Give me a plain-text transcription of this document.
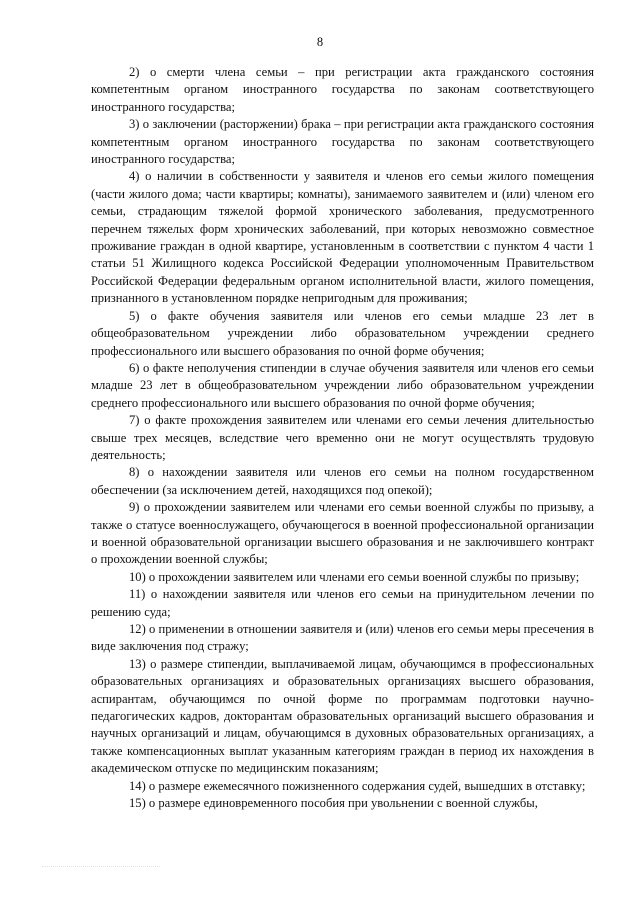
8

2) о смерти члена семьи – при регистрации акта гражданского состояния компетентным органом иностранного государства по законам соответствующего иностранного государства;

3) о заключении (расторжении) брака – при регистрации акта гражданского состояния компетентным органом иностранного государства по законам соответствующего иностранного государства;

4) о наличии в собственности у заявителя и членов его семьи жилого помещения (части жилого дома; части квартиры; комнаты), занимаемого заявителем и (или) членом его семьи, страдающим тяжелой формой хронического заболевания, предусмотренного перечнем тяжелых форм хронических заболеваний, при которых невозможно совместное проживание граждан в одной квартире, установленным в соответствии с пунктом 4 части 1 статьи 51 Жилищного кодекса Российской Федерации уполномоченным Правительством Российской Федерации федеральным органом исполнительной власти, жилого помещения, признанного в установленном порядке непригодным для проживания;

5) о факте обучения заявителя или членов его семьи младше 23 лет в общеобразовательном учреждении либо образовательном учреждении среднего профессионального или высшего образования по очной форме обучения;

6) о факте неполучения стипендии в случае обучения заявителя или членов его семьи младше 23 лет в общеобразовательном учреждении либо образовательном учреждении среднего профессионального или высшего образования по очной форме обучения;

7) о факте прохождения заявителем или членами его семьи лечения длительностью свыше трех месяцев, вследствие чего временно они не могут осуществлять трудовую деятельность;

8) о нахождении заявителя или членов его семьи на полном государственном обеспечении (за исключением детей, находящихся под опекой);

9) о прохождении заявителем или членами его семьи военной службы по призыву, а также о статусе военнослужащего, обучающегося в военной профессиональной организации и военной образовательной организации высшего образования и не заключившего контракт о прохождении военной службы;

10) о прохождении заявителем или членами его семьи военной службы по призыву;

11) о нахождении заявителя или членов его семьи на принудительном лечении по решению суда;

12) о применении в отношении заявителя и (или) членов его семьи меры пресечения в виде заключения под стражу;

13) о размере стипендии, выплачиваемой лицам, обучающимся в профессиональных образовательных организациях и образовательных организациях высшего образования, аспирантам, обучающимся по очной форме по программам подготовки научно-педагогических кадров, докторантам образовательных организаций высшего образования и научных организаций и лицам, обучающимся в духовных образовательных организациях, а также компенсационных выплат указанным категориям граждан в период их нахождения в академическом отпуске по медицинским показаниям;

14) о размере ежемесячного пожизненного содержания судей, вышедших в отставку;

15) о размере единовременного пособия при увольнении с военной службы,
